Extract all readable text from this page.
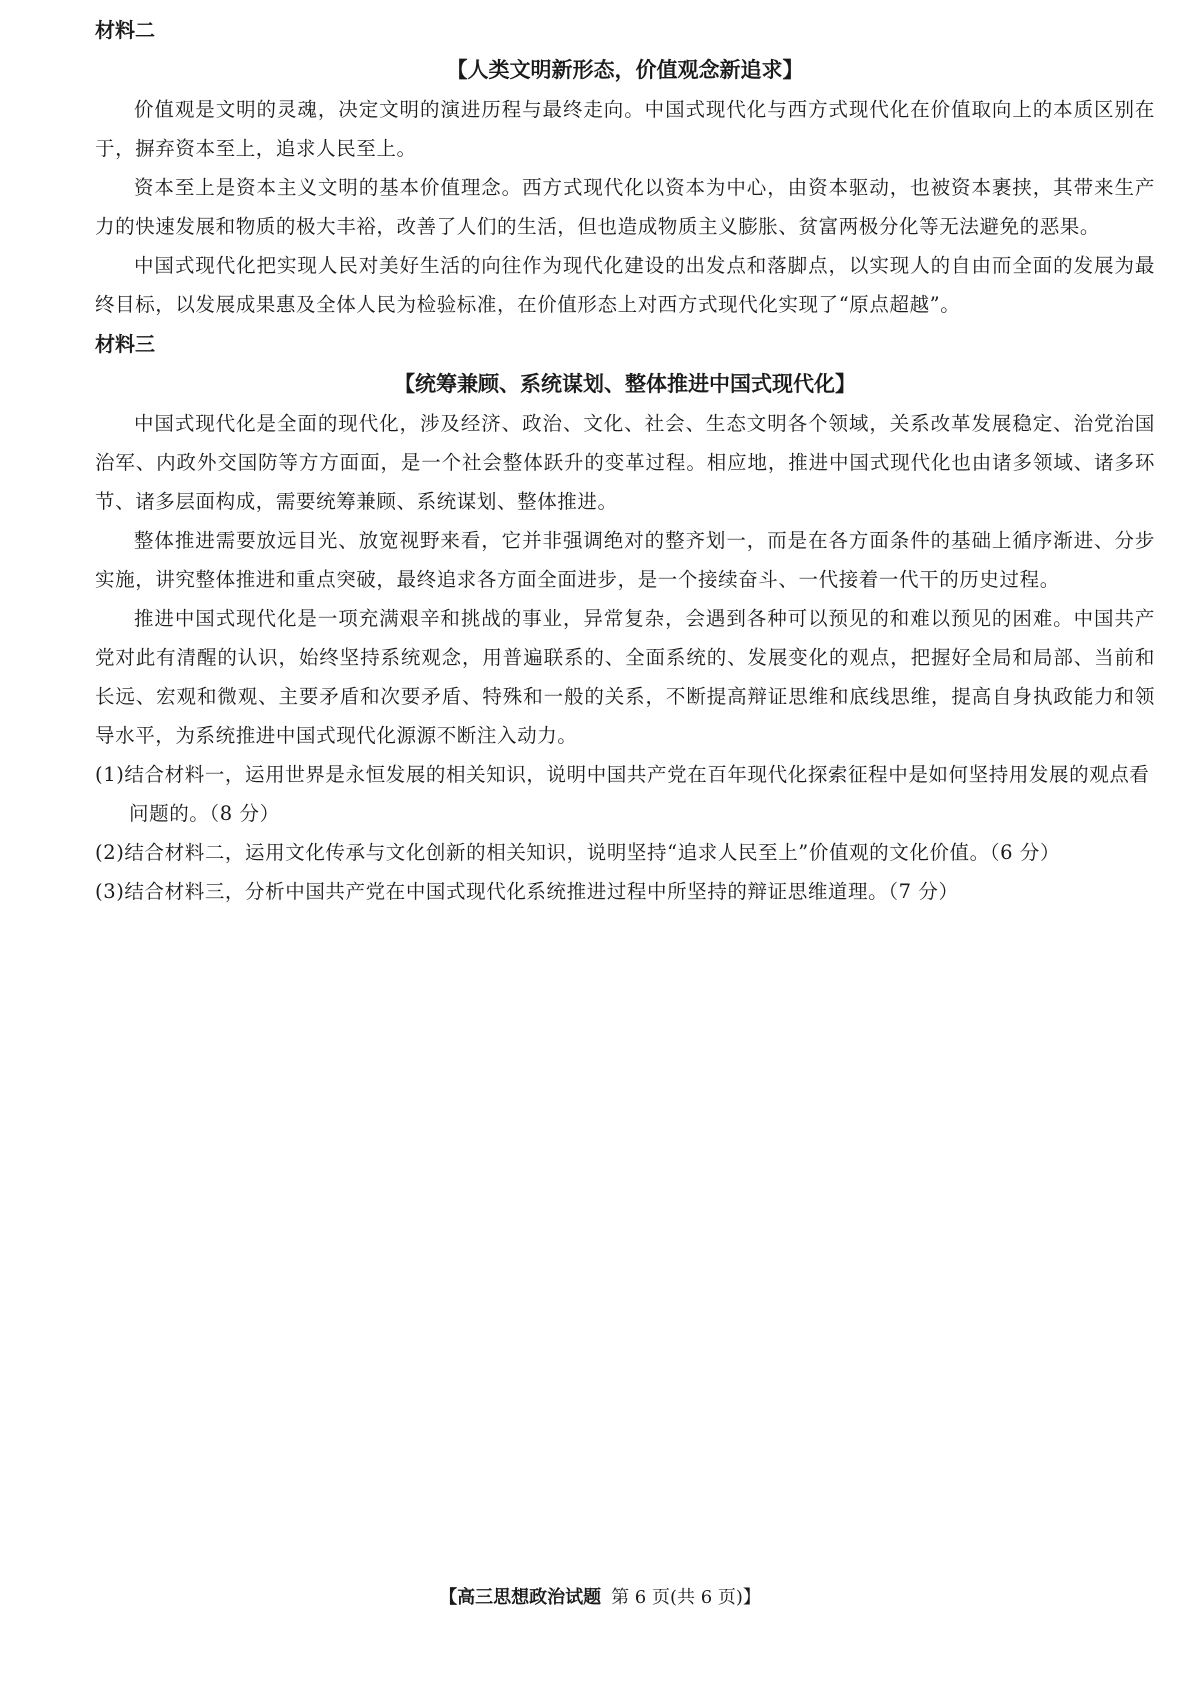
材料二

【人类文明新形态，价值观念新追求】

价值观是文明的灵魂，决定文明的演进历程与最终走向。中国式现代化与西方式现代化在价值取向上的本质区别在于，摒弃资本至上，追求人民至上。

资本至上是资本主义文明的基本价值理念。西方式现代化以资本为中心，由资本驱动，也被资本裹挟，其带来生产力的快速发展和物质的极大丰裕，改善了人们的生活，但也造成物质主义膨胀、贫富两极分化等无法避免的恶果。

中国式现代化把实现人民对美好生活的向往作为现代化建设的出发点和落脚点，以实现人的自由而全面的发展为最终目标，以发展成果惠及全体人民为检验标准，在价值形态上对西方式现代化实现了“原点超越”。

材料三

【统筹兼顾、系统谋划、整体推进中国式现代化】

中国式现代化是全面的现代化，涉及经济、政治、文化、社会、生态文明各个领域，关系改革发展稳定、治党治国治军、内政外交国防等方方面面，是一个社会整体跃升的变革过程。相应地，推进中国式现代化也由诸多领域、诸多环节、诸多层面构成，需要统筹兼顾、系统谋划、整体推进。

整体推进需要放远目光、放宽视野来看，它并非强调绝对的整齐划一，而是在各方面条件的基础上循序渐进、分步实施，讲究整体推进和重点突破，最终追求各方面全面进步，是一个接续奋斗、一代接着一代干的历史过程。

推进中国式现代化是一项充满艰辛和挑战的事业，异常复杂，会遇到各种可以预见的和难以预见的困难。中国共产党对此有清醒的认识，始终坚持系统观念，用普遍联系的、全面系统的、发展变化的观点，把握好全局和局部、当前和长远、宏观和微观、主要矛盾和次要矛盾、特殊和一般的关系，不断提高辩证思维和底线思维，提高自身执政能力和领导水平，为系统推进中国式现代化源源不断注入动力。

(1)结合材料一，运用世界是永恒发展的相关知识，说明中国共产党在百年现代化探索征程中是如何坚持用发展的观点看问题的。（8 分）

(2)结合材料二，运用文化传承与文化创新的相关知识，说明坚持“追求人民至上”价值观的文化价值。（6 分）

(3)结合材料三，分析中国共产党在中国式现代化系统推进过程中所坚持的辩证思维道理。（7 分）

【高三思想政治试题 第 6 页(共 6 页)】
